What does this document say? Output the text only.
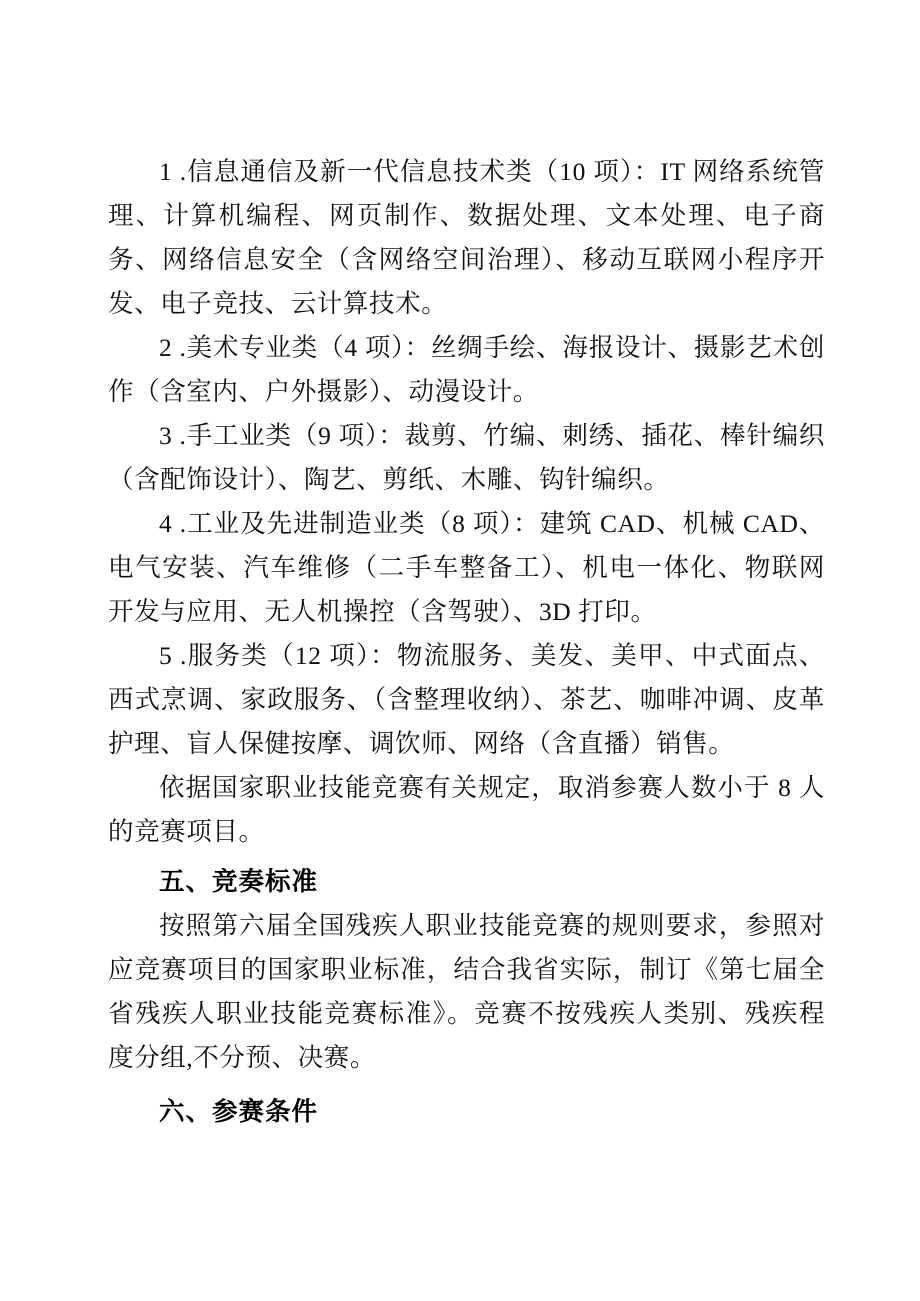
1 .信息通信及新一代信息技术类（10 项）：IT 网络系统管理、计算机编程、网页制作、数据处理、文本处理、电子商务、网络信息安全（含网络空间治理）、移动互联网小程序开发、电子竞技、云计算技术。

2 .美术专业类（4 项）：丝绸手绘、海报设计、摄影艺术创作（含室内、户外摄影）、动漫设计。

3 .手工业类（9 项）：裁剪、竹编、刺绣、插花、棒针编织（含配饰设计）、陶艺、剪纸、木雕、钩针编织。

4 .工业及先进制造业类（8 项）：建筑 CAD、机械 CAD、电气安装、汽车维修（二手车整备工）、机电一体化、物联网开发与应用、无人机操控（含驾驶）、3D 打印。

5 .服务类（12 项）：物流服务、美发、美甲、中式面点、西式烹调、家政服务、（含整理收纳）、茶艺、咖啡冲调、皮革护理、盲人保健按摩、调饮师、网络（含直播）销售。

依据国家职业技能竞赛有关规定，取消参赛人数小于 8 人的竞赛项目。

五、竞奏标准

按照第六届全国残疾人职业技能竞赛的规则要求，参照对应竞赛项目的国家职业标准，结合我省实际，制订《第七届全省残疾人职业技能竞赛标准》。竞赛不按残疾人类别、残疾程度分组,不分预、决赛。

六、参赛条件
